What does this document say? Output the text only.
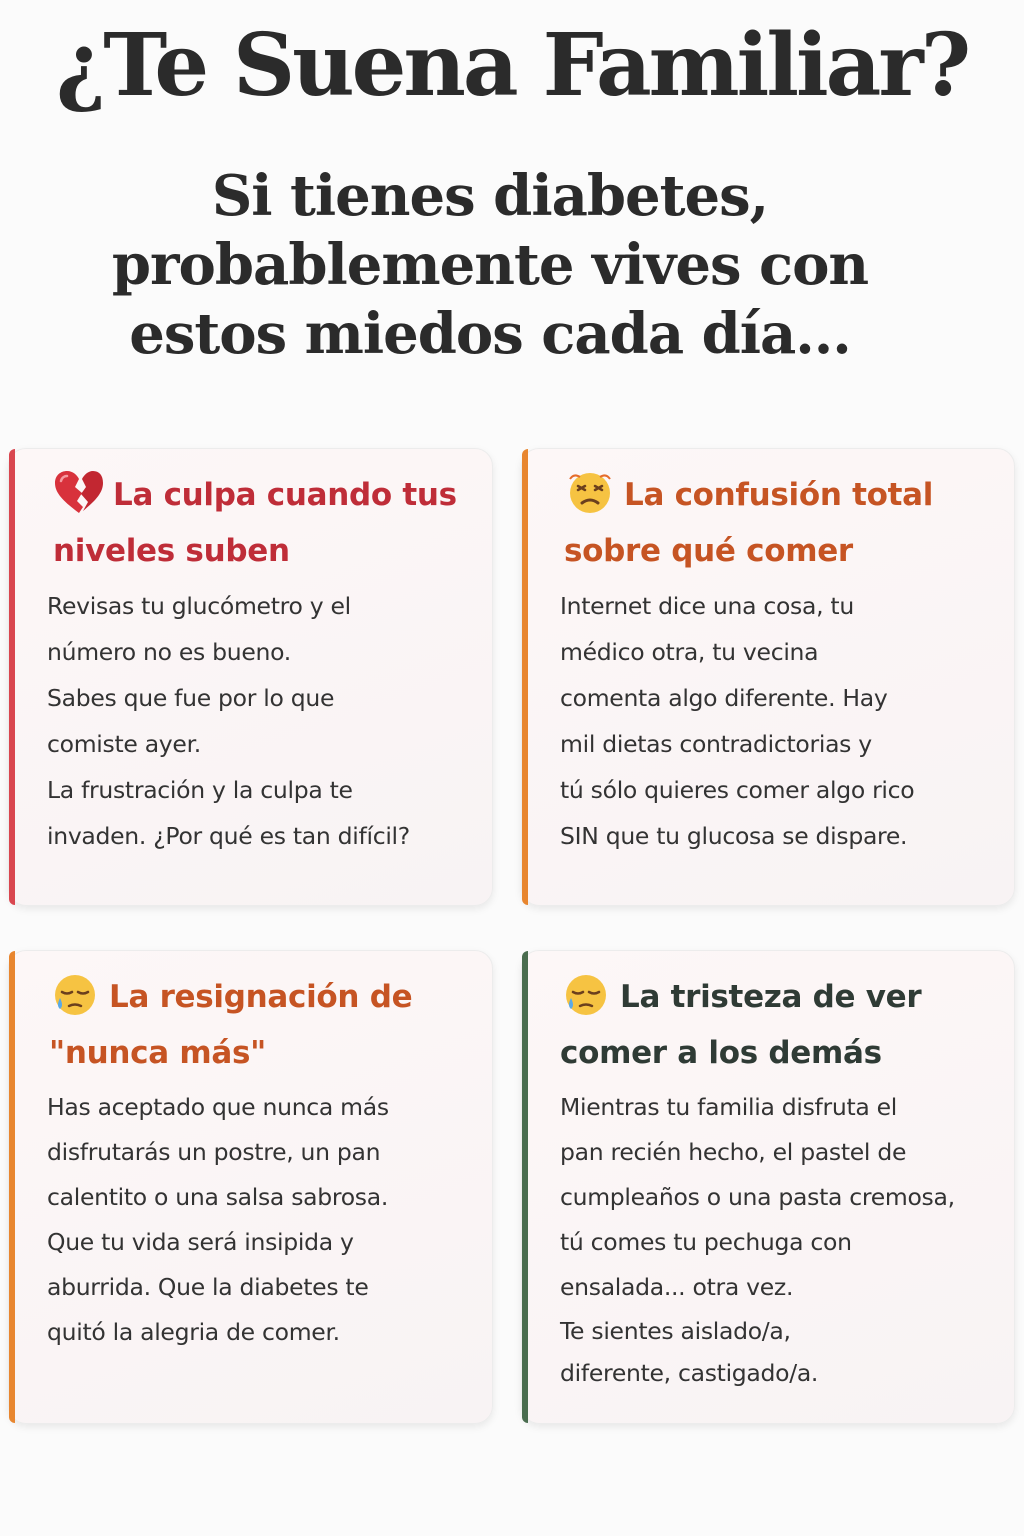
¿Te Suena Familiar?
Si tienes diabetes,
probablemente vives con
estos miedos cada día...
La culpa cuando tus niveles suben

Revisas tu glucómetro y el

número no es bueno.

Sabes que fue por lo que

comiste ayer.

La frustración y la culpa te

invaden. ¿Por qué es tan difícil?

La confusión total sobre qué comer

Internet dice una cosa, tu

médico otra, tu vecina

comenta algo diferente. Hay

mil dietas contradictorias y

tú sólo quieres comer algo rico

SIN que tu glucosa se dispare.

La resignación de "nunca más"

Has aceptado que nunca más

disfrutarás un postre, un pan

calentito o una salsa sabrosa.

Que tu vida será insipida y

aburrida. Que la diabetes te

quitó la alegria de comer.

La tristeza de ver comer a los demás

Mientras tu familia disfruta el

pan recién hecho, el pastel de

cumpleaños o una pasta cremosa,

tú comes tu pechuga con

ensalada... otra vez.

Te sientes aislado/a,

diferente, castigado/a.
